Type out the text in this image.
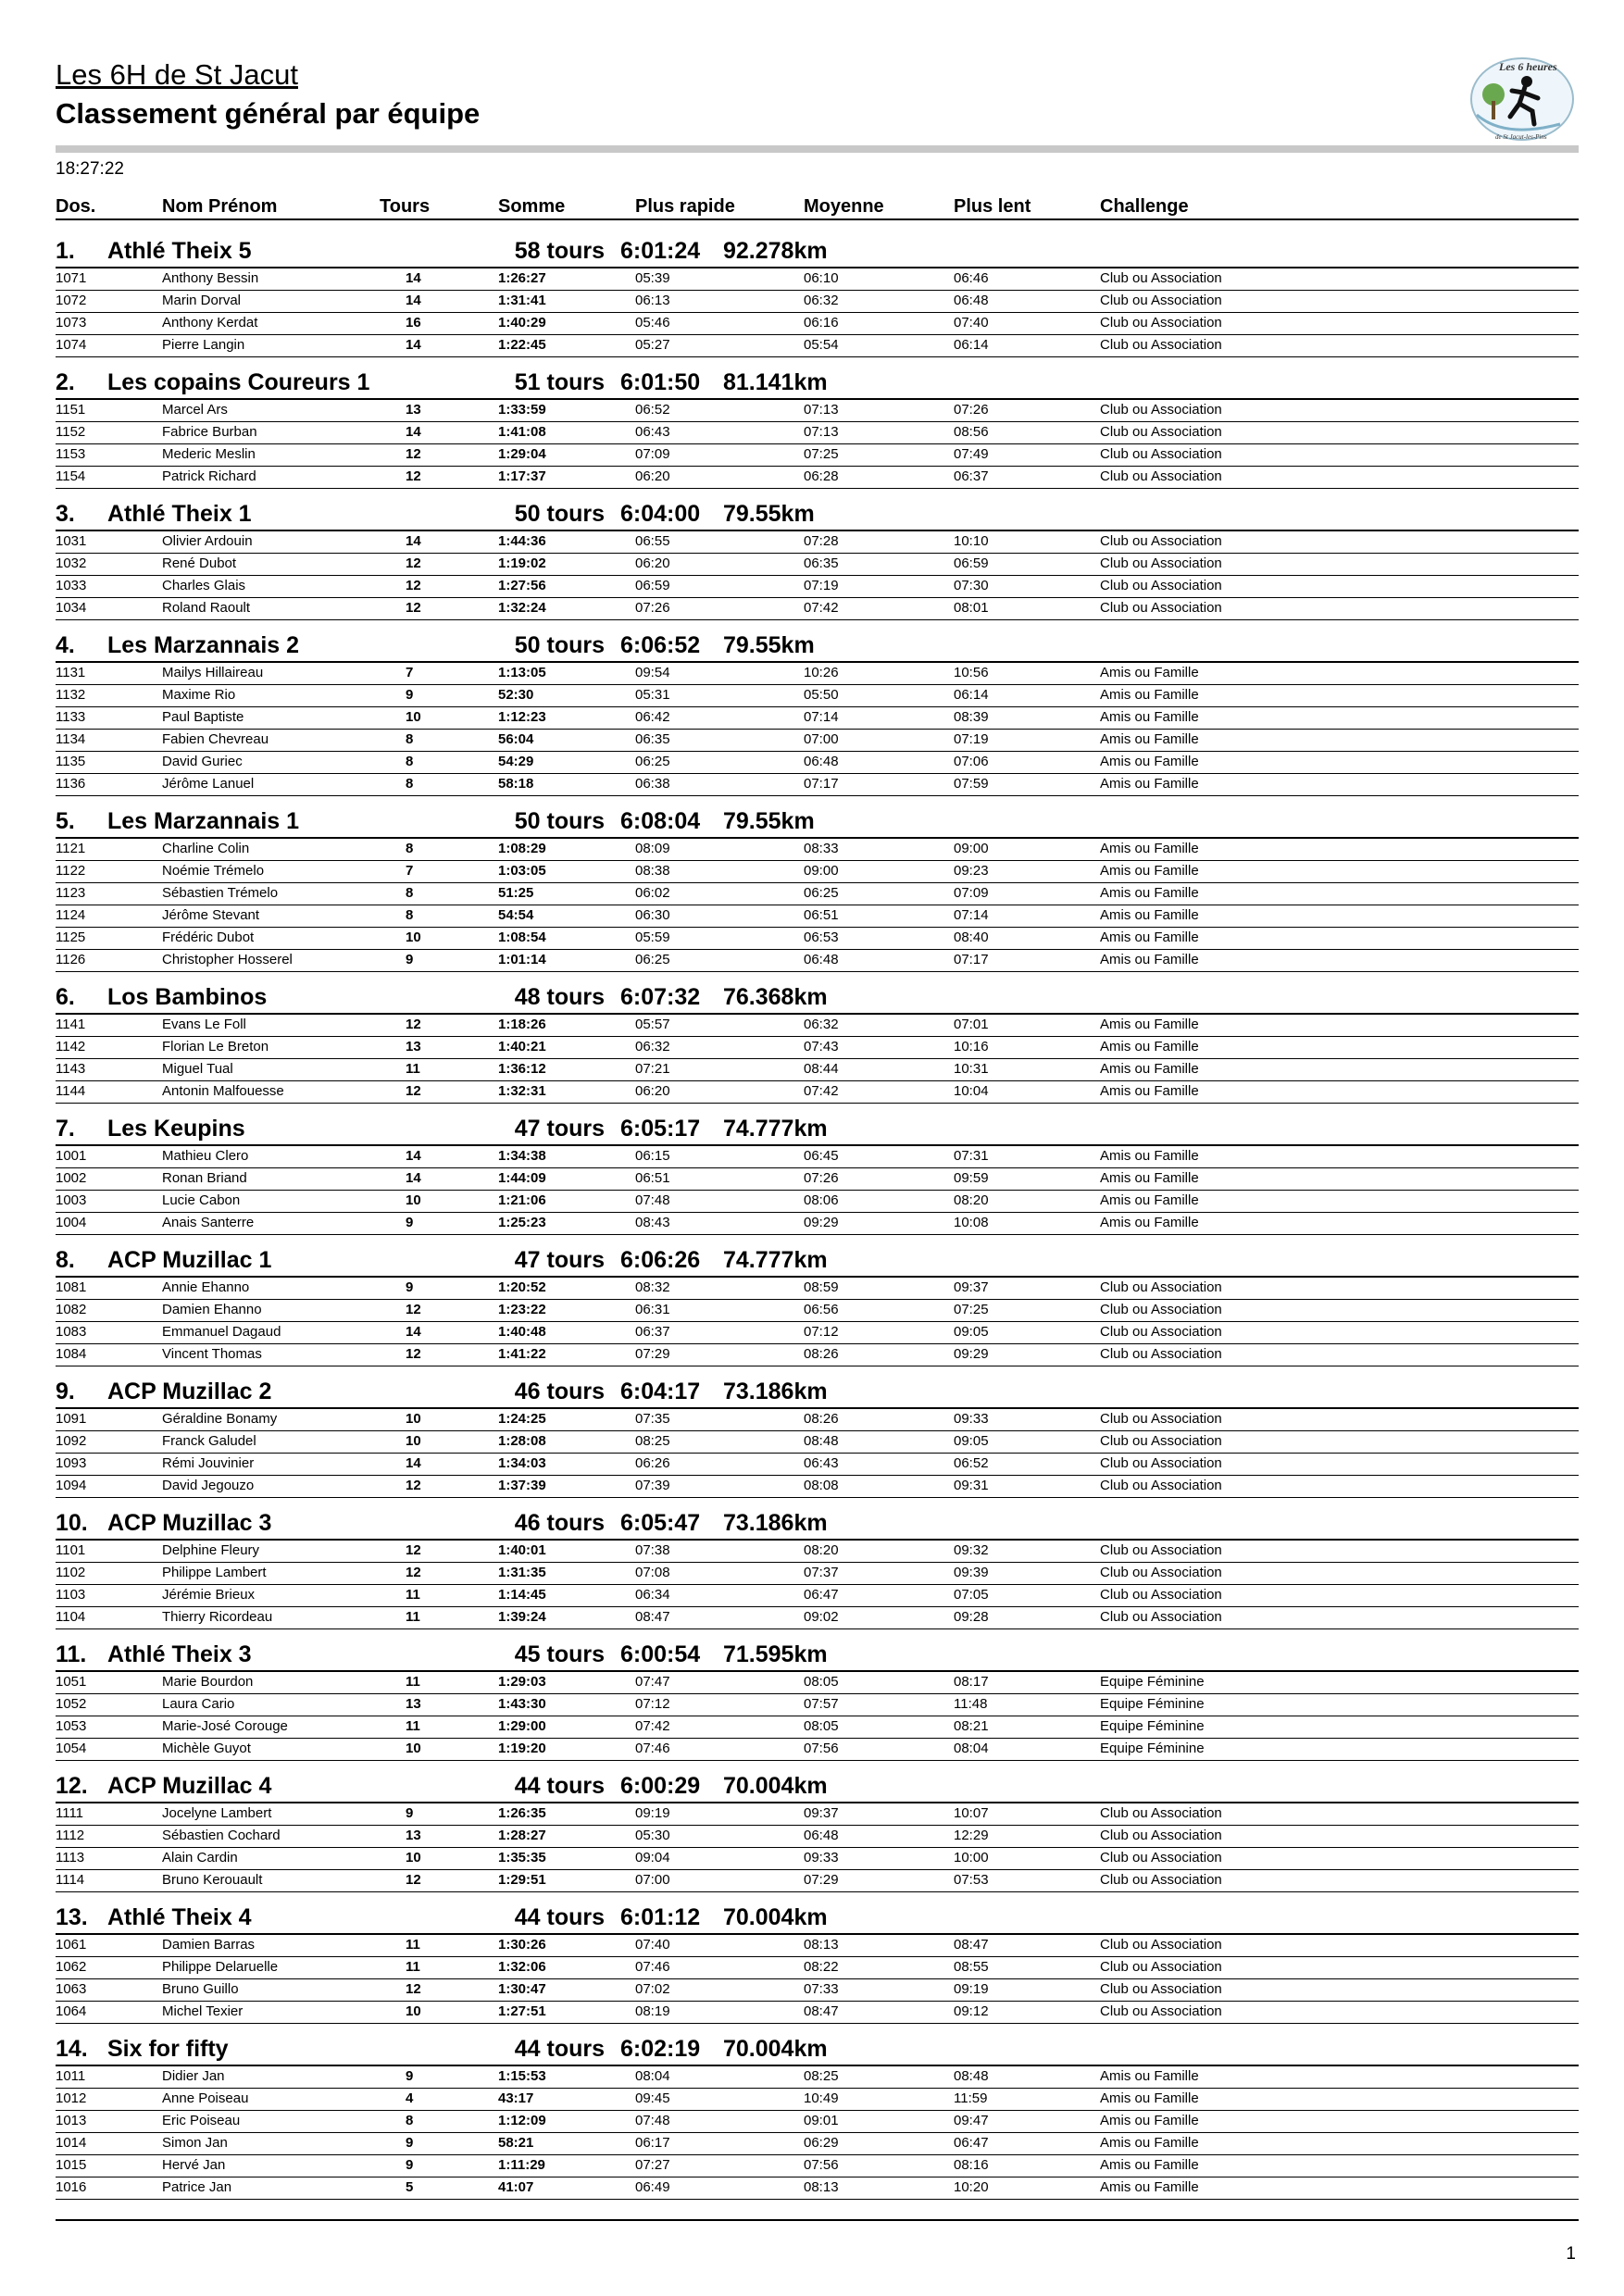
Les 6H de St Jacut
Classement général par équipe
Les 6 heures
de St Jacut-les-Pins
18:27:22
Dos.	Nom Prénom	Tours	Somme	Plus rapide	Moyenne	Plus lent	Challenge
1. Athlé Theix 5	58 tours 6:01:24 92.278km
1071	Anthony Bessin	14	1:26:27	05:39	06:10	06:46	Club ou Association
1072	Marin Dorval	14	1:31:41	06:13	06:32	06:48	Club ou Association
1073	Anthony Kerdat	16	1:40:29	05:46	06:16	07:40	Club ou Association
1074	Pierre Langin	14	1:22:45	05:27	05:54	06:14	Club ou Association
2. Les copains Coureurs 1	51 tours 6:01:50 81.141km
1151	Marcel Ars	13	1:33:59	06:52	07:13	07:26	Club ou Association
1152	Fabrice Burban	14	1:41:08	06:43	07:13	08:56	Club ou Association
1153	Mederic Meslin	12	1:29:04	07:09	07:25	07:49	Club ou Association
1154	Patrick Richard	12	1:17:37	06:20	06:28	06:37	Club ou Association
3. Athlé Theix 1	50 tours 6:04:00 79.55km
1031	Olivier Ardouin	14	1:44:36	06:55	07:28	10:10	Club ou Association
1032	René Dubot	12	1:19:02	06:20	06:35	06:59	Club ou Association
1033	Charles Glais	12	1:27:56	06:59	07:19	07:30	Club ou Association
1034	Roland Raoult	12	1:32:24	07:26	07:42	08:01	Club ou Association
4. Les Marzannais 2	50 tours 6:06:52 79.55km
1131	Mailys Hillaireau	7	1:13:05	09:54	10:26	10:56	Amis ou Famille
1132	Maxime Rio	9	52:30	05:31	05:50	06:14	Amis ou Famille
1133	Paul Baptiste	10	1:12:23	06:42	07:14	08:39	Amis ou Famille
1134	Fabien Chevreau	8	56:04	06:35	07:00	07:19	Amis ou Famille
1135	David Guriec	8	54:29	06:25	06:48	07:06	Amis ou Famille
1136	Jérôme Lanuel	8	58:18	06:38	07:17	07:59	Amis ou Famille
5. Les Marzannais 1	50 tours 6:08:04 79.55km
1121	Charline Colin	8	1:08:29	08:09	08:33	09:00	Amis ou Famille
1122	Noémie Trémelo	7	1:03:05	08:38	09:00	09:23	Amis ou Famille
1123	Sébastien Trémelo	8	51:25	06:02	06:25	07:09	Amis ou Famille
1124	Jérôme Stevant	8	54:54	06:30	06:51	07:14	Amis ou Famille
1125	Frédéric Dubot	10	1:08:54	05:59	06:53	08:40	Amis ou Famille
1126	Christopher Hosserel	9	1:01:14	06:25	06:48	07:17	Amis ou Famille
6. Los Bambinos	48 tours 6:07:32 76.368km
1141	Evans Le Foll	12	1:18:26	05:57	06:32	07:01	Amis ou Famille
1142	Florian Le Breton	13	1:40:21	06:32	07:43	10:16	Amis ou Famille
1143	Miguel Tual	11	1:36:12	07:21	08:44	10:31	Amis ou Famille
1144	Antonin Malfouesse	12	1:32:31	06:20	07:42	10:04	Amis ou Famille
7. Les Keupins	47 tours 6:05:17 74.777km
1001	Mathieu Clero	14	1:34:38	06:15	06:45	07:31	Amis ou Famille
1002	Ronan Briand	14	1:44:09	06:51	07:26	09:59	Amis ou Famille
1003	Lucie Cabon	10	1:21:06	07:48	08:06	08:20	Amis ou Famille
1004	Anais Santerre	9	1:25:23	08:43	09:29	10:08	Amis ou Famille
8. ACP Muzillac 1	47 tours 6:06:26 74.777km
1081	Annie Ehanno	9	1:20:52	08:32	08:59	09:37	Club ou Association
1082	Damien Ehanno	12	1:23:22	06:31	06:56	07:25	Club ou Association
1083	Emmanuel Dagaud	14	1:40:48	06:37	07:12	09:05	Club ou Association
1084	Vincent Thomas	12	1:41:22	07:29	08:26	09:29	Club ou Association
9. ACP Muzillac 2	46 tours 6:04:17 73.186km
1091	Géraldine Bonamy	10	1:24:25	07:35	08:26	09:33	Club ou Association
1092	Franck Galudel	10	1:28:08	08:25	08:48	09:05	Club ou Association
1093	Rémi Jouvinier	14	1:34:03	06:26	06:43	06:52	Club ou Association
1094	David Jegouzo	12	1:37:39	07:39	08:08	09:31	Club ou Association
10. ACP Muzillac 3	46 tours 6:05:47 73.186km
1101	Delphine Fleury	12	1:40:01	07:38	08:20	09:32	Club ou Association
1102	Philippe Lambert	12	1:31:35	07:08	07:37	09:39	Club ou Association
1103	Jérémie Brieux	11	1:14:45	06:34	06:47	07:05	Club ou Association
1104	Thierry Ricordeau	11	1:39:24	08:47	09:02	09:28	Club ou Association
11. Athlé Theix 3	45 tours 6:00:54 71.595km
1051	Marie Bourdon	11	1:29:03	07:47	08:05	08:17	Equipe Féminine
1052	Laura Cario	13	1:43:30	07:12	07:57	11:48	Equipe Féminine
1053	Marie-José Corouge	11	1:29:00	07:42	08:05	08:21	Equipe Féminine
1054	Michèle Guyot	10	1:19:20	07:46	07:56	08:04	Equipe Féminine
12. ACP Muzillac 4	44 tours 6:00:29 70.004km
1111	Jocelyne Lambert	9	1:26:35	09:19	09:37	10:07	Club ou Association
1112	Sébastien Cochard	13	1:28:27	05:30	06:48	12:29	Club ou Association
1113	Alain Cardin	10	1:35:35	09:04	09:33	10:00	Club ou Association
1114	Bruno Kerouault	12	1:29:51	07:00	07:29	07:53	Club ou Association
13. Athlé Theix 4	44 tours 6:01:12 70.004km
1061	Damien Barras	11	1:30:26	07:40	08:13	08:47	Club ou Association
1062	Philippe Delaruelle	11	1:32:06	07:46	08:22	08:55	Club ou Association
1063	Bruno Guillo	12	1:30:47	07:02	07:33	09:19	Club ou Association
1064	Michel Texier	10	1:27:51	08:19	08:47	09:12	Club ou Association
14. Six for fifty	44 tours 6:02:19 70.004km
1011	Didier Jan	9	1:15:53	08:04	08:25	08:48	Amis ou Famille
1012	Anne Poiseau	4	43:17	09:45	10:49	11:59	Amis ou Famille
1013	Eric Poiseau	8	1:12:09	07:48	09:01	09:47	Amis ou Famille
1014	Simon Jan	9	58:21	06:17	06:29	06:47	Amis ou Famille
1015	Hervé Jan	9	1:11:29	07:27	07:56	08:16	Amis ou Famille
1016	Patrice Jan	5	41:07	06:49	08:13	10:20	Amis ou Famille
1
